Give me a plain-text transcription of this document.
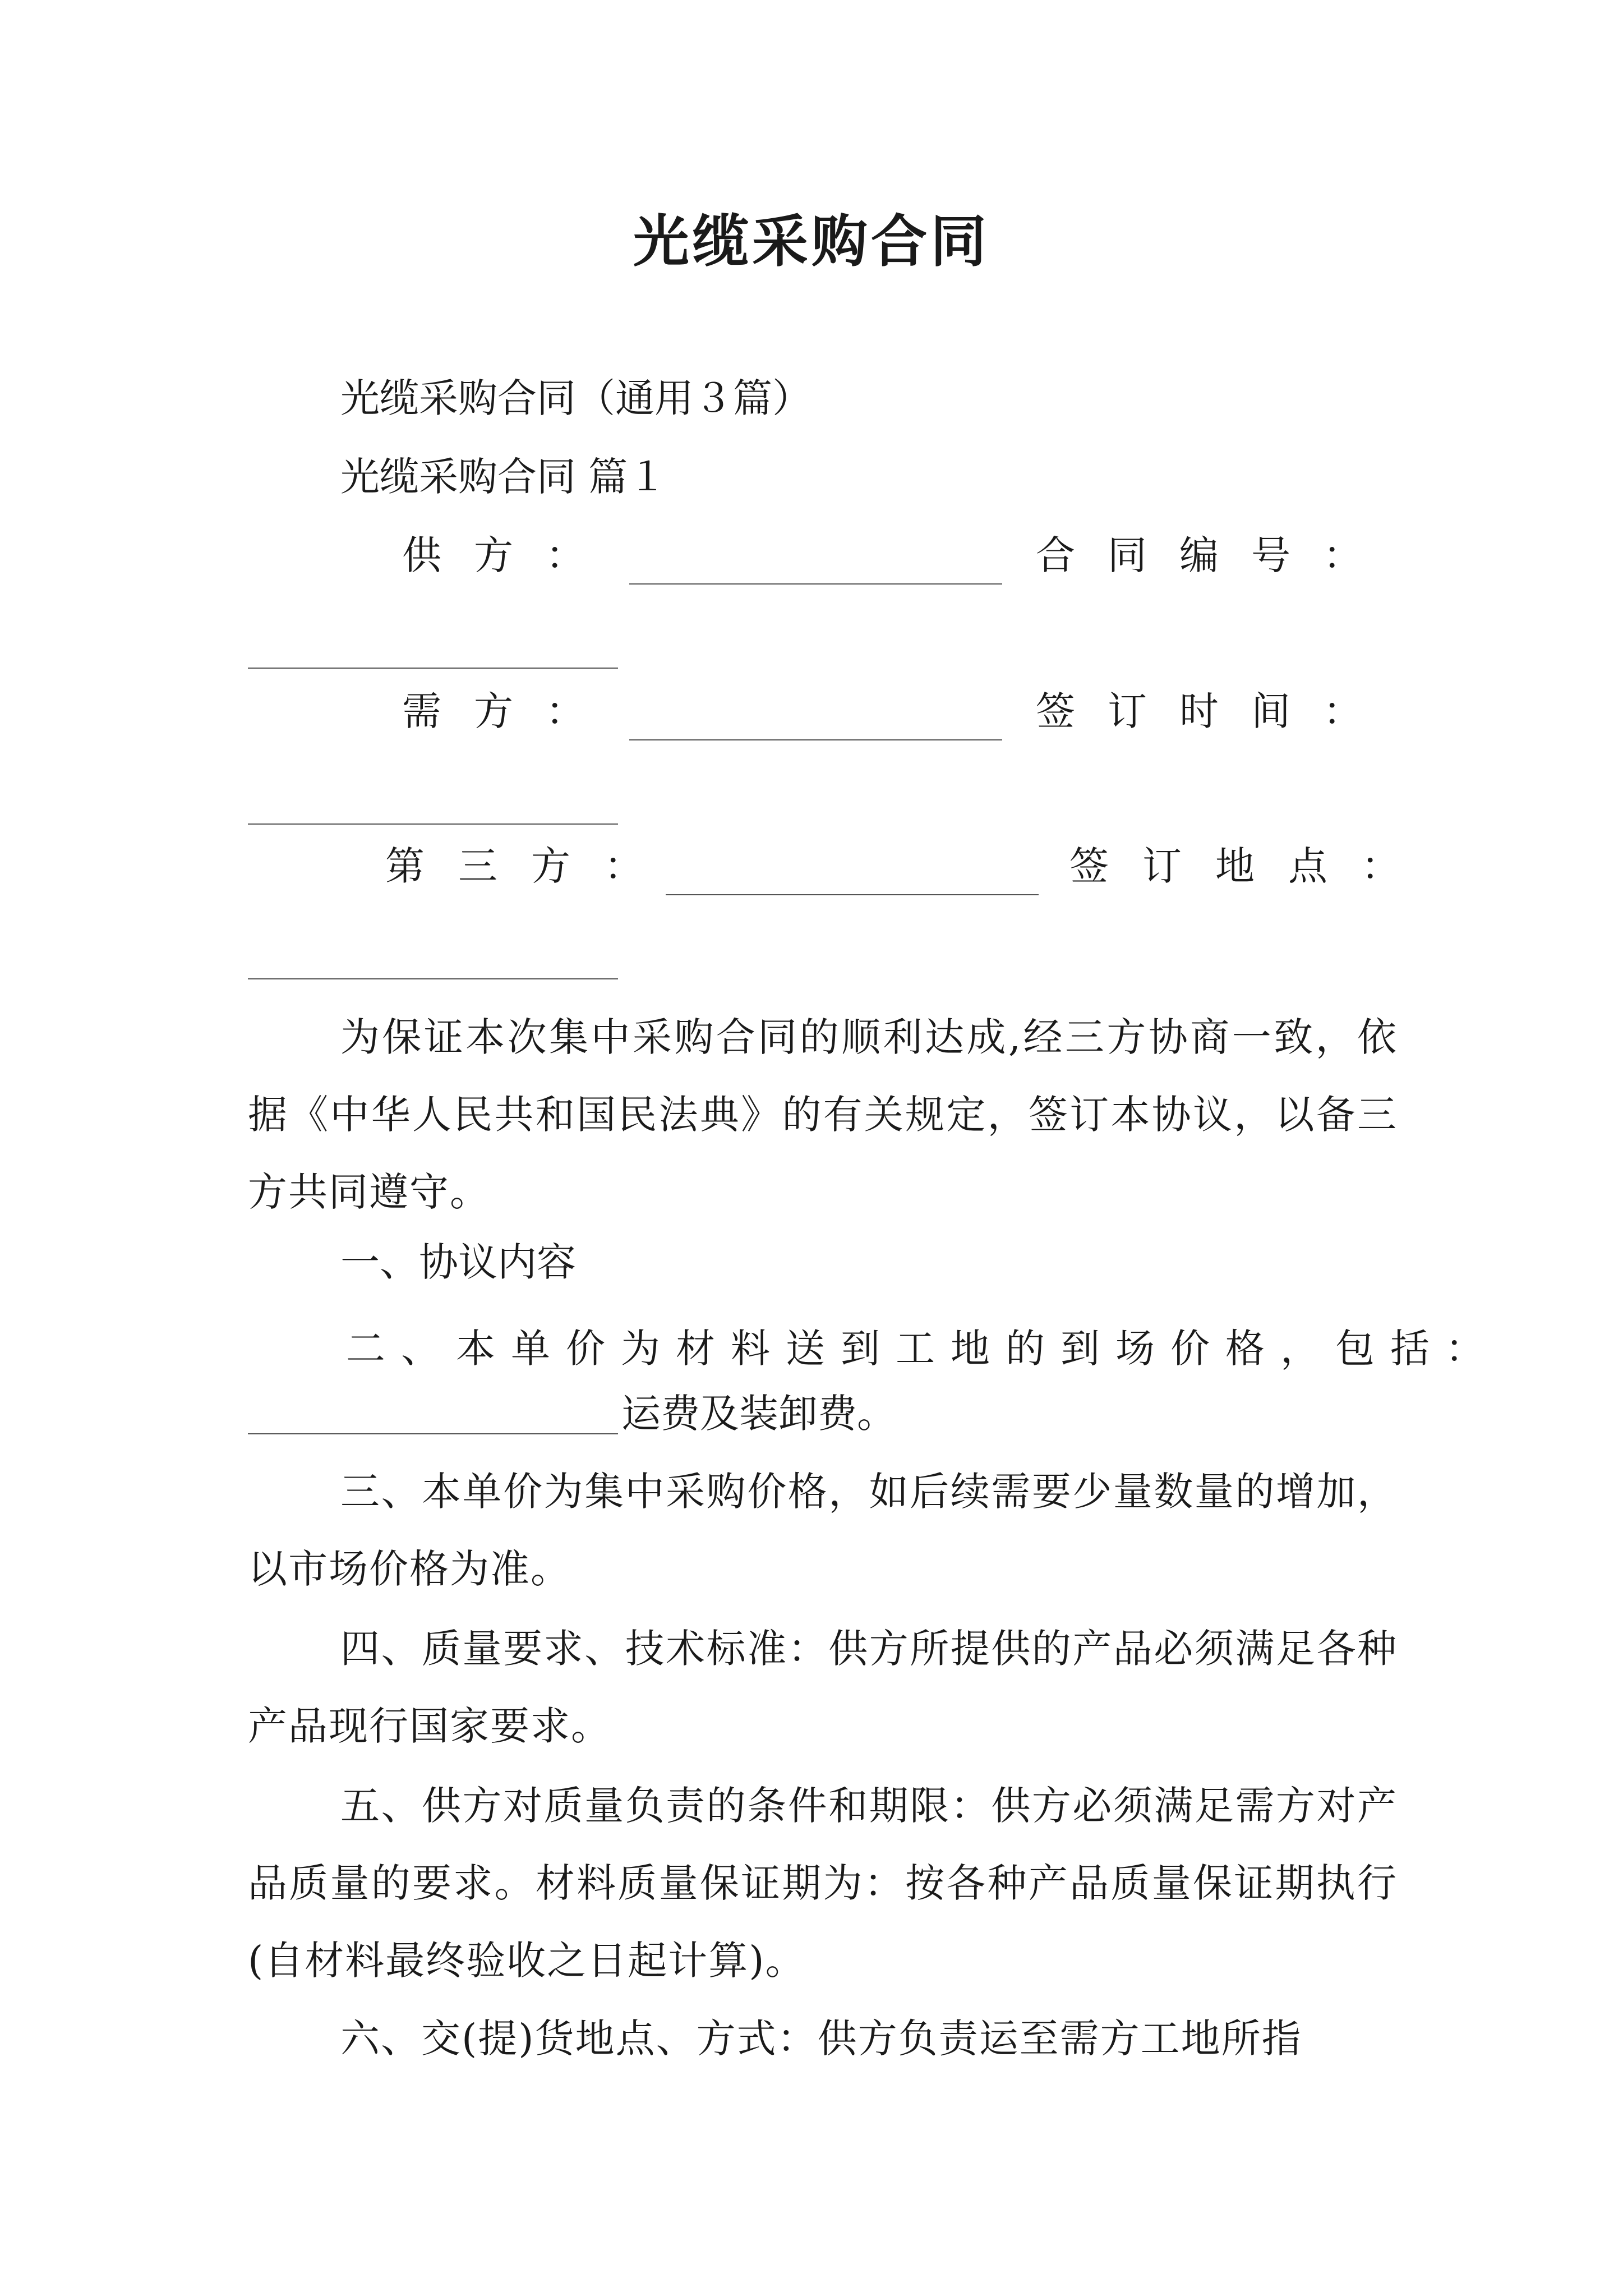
光缆采购合同
光缆采购合同（通用３篇）
光缆采购合同 篇１
供方：	合同编号：
需方：	签订时间：
第三方：	签订地点：
为保证本次集中采购合同的顺利达成,经三方协商一致，依据《中华人民共和国民法典》的有关规定，签订本协议，以备三方共同遵守。
一、协议内容
二、本单价为材料送到工地的到场价格，包括：
运费及装卸费。
三、本单价为集中采购价格，如后续需要少量数量的增加，以市场价格为准。
四、质量要求、技术标准：供方所提供的产品必须满足各种产品现行国家要求。
五、供方对质量负责的条件和期限：供方必须满足需方对产品质量的要求。材料质量保证期为：按各种产品质量保证期执行(自材料最终验收之日起计算)。
六、交(提)货地点、方式：供方负责运至需方工地所指
